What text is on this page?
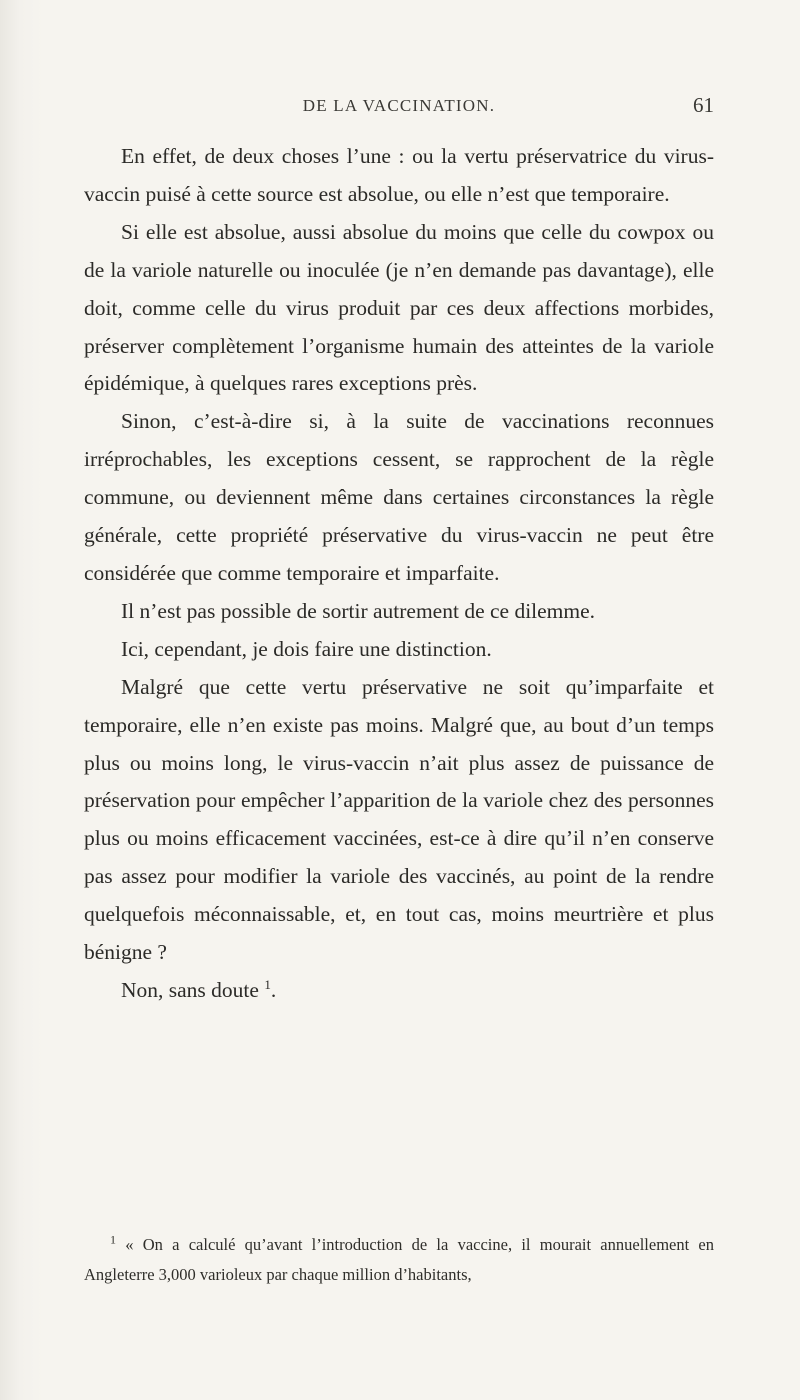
DE LA VACCINATION.	61

En effet, de deux choses l’une : ou la vertu préservatrice du virus-vaccin puisé à cette source est absolue, ou elle n’est que temporaire.

Si elle est absolue, aussi absolue du moins que celle du cowpox ou de la variole naturelle ou inoculée (je n’en demande pas davantage), elle doit, comme celle du virus produit par ces deux affections morbides, préserver complètement l’organisme humain des atteintes de la variole épidémique, à quelques rares exceptions près.

Sinon, c’est-à-dire si, à la suite de vaccinations reconnues irréprochables, les exceptions cessent, se rapprochent de la règle commune, ou deviennent même dans certaines circonstances la règle générale, cette propriété préservative du virus-vaccin ne peut être considérée que comme temporaire et imparfaite.

Il n’est pas possible de sortir autrement de ce dilemme.

Ici, cependant, je dois faire une distinction.

Malgré que cette vertu préservative ne soit qu’imparfaite et temporaire, elle n’en existe pas moins. Malgré que, au bout d’un temps plus ou moins long, le virus-vaccin n’ait plus assez de puissance de préservation pour empêcher l’apparition de la variole chez des personnes plus ou moins efficacement vaccinées, est-ce à dire qu’il n’en conserve pas assez pour modifier la variole des vaccinés, au point de la rendre quelquefois méconnaissable, et, en tout cas, moins meurtrière et plus bénigne ?

Non, sans doute $^1$.

$^1$ « On a calculé qu’avant l’introduction de la vaccine, il mourait annuellement en Angleterre 3,000 varioleux par chaque million d’habitants,
